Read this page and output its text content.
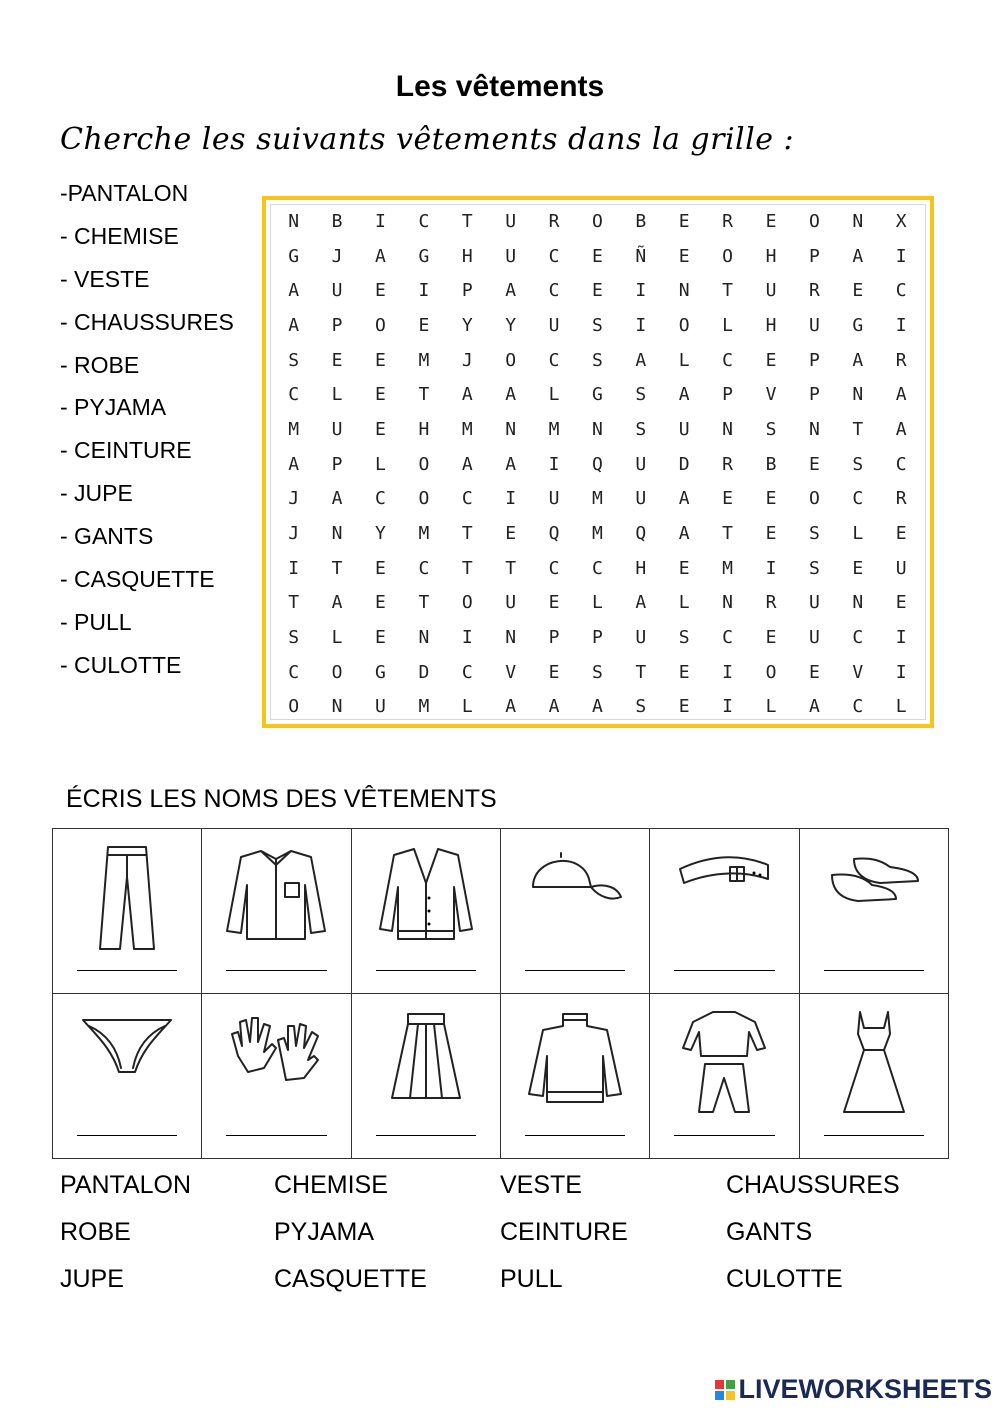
Les vêtements
Cherche les suivants vêtements dans la grille :
-PANTALON
- CHEMISE
- VESTE
- CHAUSSURES
- ROBE
- PYJAMA
- CEINTURE
- JUPE
- GANTS
- CASQUETTE
- PULL
- CULOTTE
N	B	I	C	T	U	R	O	B	E	R	E	O	N	X
G	J	A	G	H	U	C	E	Ñ	E	O	H	P	A	I
A	U	E	I	P	A	C	E	I	N	T	U	R	E	C
A	P	O	E	Y	Y	U	S	I	O	L	H	U	G	I
S	E	E	M	J	O	C	S	A	L	C	E	P	A	R
C	L	E	T	A	A	L	G	S	A	P	V	P	N	A
M	U	E	H	M	N	M	N	S	U	N	S	N	T	A
A	P	L	O	A	A	I	Q	U	D	R	B	E	S	C
J	A	C	O	C	I	U	M	U	A	E	E	O	C	R
J	N	Y	M	T	E	Q	M	Q	A	T	E	S	L	E
I	T	E	C	T	T	C	C	H	E	M	I	S	E	U
T	A	E	T	O	U	E	L	A	L	N	R	U	N	E
S	L	E	N	I	N	P	P	U	S	C	E	U	C	I
C	O	G	D	C	V	E	S	T	E	I	O	E	V	I
O	N	U	M	L	A	A	A	S	E	I	L	A	C	L
ÉCRIS LES NOMS DES VÊTEMENTS

PANTALON	CHEMISE	VESTE	CHAUSSURES
ROBE	PYJAMA	CEINTURE	GANTS
JUPE	CASQUETTE	PULL	CULOTTE
LIVEWORKSHEETS
